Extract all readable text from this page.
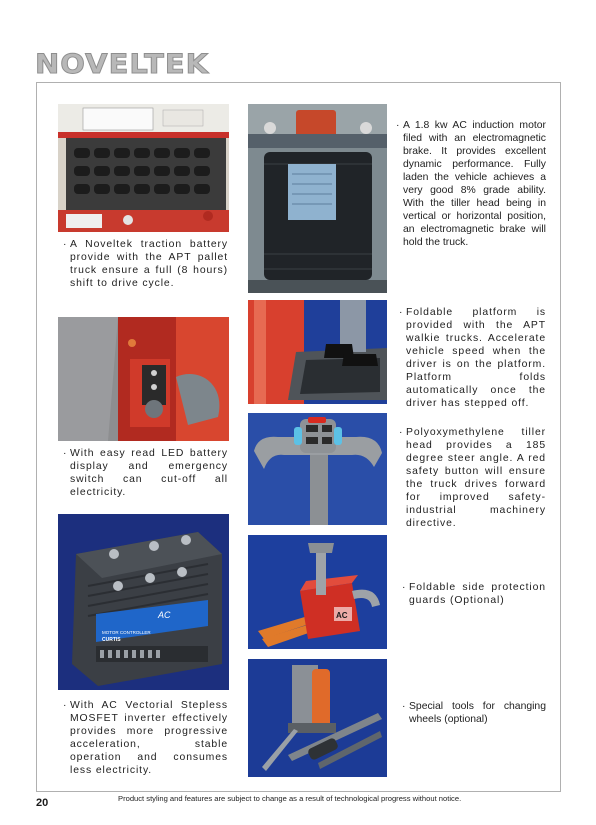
NOVELTEK
· A Noveltek traction battery provide with the APT pallet truck ensure a full (8 hours) shift to drive cycle.
· A 1.8 kw AC induction motor filed with an electromagnetic brake. It provides excellent dynamic performance. Fully laden the vehicle achieves a very good 8% grade ability. With the tiller head being in vertical or horizontal position, an electromagnetic brake will hold the truck.
· Foldable platform is provided with the APT walkie trucks. Accelerate vehicle speed when the driver is on the platform. Platform folds automatically once the driver has stepped off.
· With easy read LED battery display and emergency switch can cut-off all electricity.
· Polyoxymethylene tiller head provides a 185 degree steer angle. A red safety button will ensure the truck drives forward for improved safety-industrial machinery directive.
AC
MOTOR CONTROLLER
CURTIS
AC
· Foldable side protection guards (Optional)
· Special tools for changing wheels (optional)
· With AC Vectorial Stepless MOSFET inverter effectively provides more progressive acceleration, stable operation and consumes less electricity.
20	Product styling and features are subject to change as a result of technological progress without notice.
